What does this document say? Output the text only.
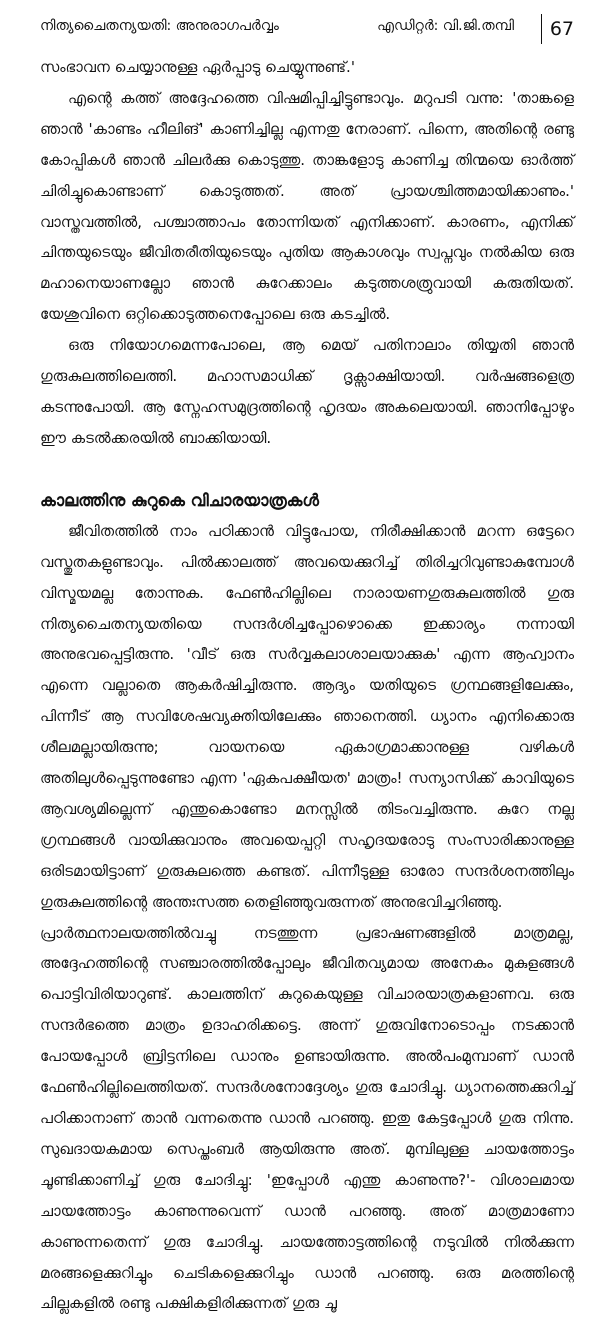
നിത്യചൈതന്യയതി: അനുരാഗപർവ്വം	എഡിറ്റർ: വി.ജി.തമ്പി	67

സംഭാവന ചെയ്യാനുള്ള ഏർപ്പാടു ചെയ്യുന്നുണ്ട്.'

എന്റെ കത്ത് അദ്ദേഹത്തെ വിഷമിപ്പിച്ചിട്ടുണ്ടാവും. മറുപടി വന്നു: 'താങ്കളെ ഞാൻ 'കാണ്ടം ഹീലിങ്' കാണിച്ചില്ല എന്നതു നേരാണ്. പിന്നെ, അതിന്റെ രണ്ടു കോപ്പികൾ ഞാൻ ചിലർക്കു കൊടുത്തു. താങ്കളോടു കാണിച്ച തിന്മയെ ഓർത്ത് ചിരിച്ചുകൊണ്ടാണ് കൊടുത്തത്. അത് പ്രായശ്ചിത്തമായിക്കാണും.' വാസ്തവത്തിൽ, പശ്ചാത്താപം തോന്നിയത് എനിക്കാണ്. കാരണം, എനിക്ക് ചിന്തയുടെയും ജീവിതരീതിയുടെയും പുതിയ ആകാശവും സ്വപ്നവും നൽകിയ ഒരു മഹാനെയാണല്ലോ ഞാൻ കുറേക്കാലം കടുത്തശത്രുവായി കരുതിയത്. യേശുവിനെ ഒറ്റിക്കൊടുത്തനെപ്പോലെ ഒരു കടച്ചിൽ.

ഒരു നിയോഗമെന്നപോലെ, ആ മെയ് പതിനാലാം തിയ്യതി ഞാൻ ഗുരുകുലത്തിലെത്തി. മഹാസമാധിക്ക് ദൃക്സാക്ഷിയായി. വർഷങ്ങളെത്ര കടന്നുപോയി. ആ സ്നേഹസമുദ്രത്തിന്റെ ഹൃദയം അകലെയായി. ഞാനിപ്പോഴും ഈ കടൽക്കരയിൽ ബാക്കിയായി.

കാലത്തിനു കുറുകെ വിചാരയാത്രകൾ

ജീവിതത്തിൽ നാം പഠിക്കാൻ വിട്ടുപോയ, നിരീക്ഷിക്കാൻ മറന്ന ഒട്ടേറെ വസ്തുതകളുണ്ടാവും. പിൽക്കാലത്ത് അവയെക്കുറിച്ച് തിരിച്ചറിവുണ്ടാകുമ്പോൾ വിസ്മയമല്ല തോന്നുക. ഫേൺഹില്ലിലെ നാരായണഗുരുകുലത്തിൽ ഗുരു നിത്യചൈതന്യയതിയെ സന്ദർശിച്ചപ്പോഴൊക്കെ ഇക്കാര്യം നന്നായി അനുഭവപ്പെട്ടിരുന്നു. 'വീട് ഒരു സർവ്വകലാശാലയാക്കുക' എന്ന ആഹ്വാനം എന്നെ വല്ലാതെ ആകർഷിച്ചിരുന്നു. ആദ്യം യതിയുടെ ഗ്രന്ഥങ്ങളിലേക്കും, പിന്നീട് ആ സവിശേഷവ്യക്തിയിലേക്കും ഞാനെത്തി. ധ്യാനം എനിക്കൊരു ശീലമല്ലായിരുന്നു; വായനയെ ഏകാഗ്രമാക്കാനുള്ള വഴികൾ അതിലുൾപ്പെടുന്നുണ്ടോ എന്ന 'ഏകപക്ഷീയത' മാത്രം! സന്യാസിക്ക് കാവിയുടെ ആവശ്യമില്ലെന്ന് എന്തുകൊണ്ടോ മനസ്സിൽ തിടംവച്ചിരുന്നു. കുറേ നല്ല ഗ്രന്ഥങ്ങൾ വായിക്കുവാനും അവയെപ്പറ്റി സഹൃദയരോടു സംസാരിക്കാനുള്ള ഒരിടമായിട്ടാണ് ഗുരുകുലത്തെ കണ്ടത്. പിന്നീടുള്ള ഓരോ സന്ദർശനത്തിലും ഗുരുകുലത്തിന്റെ അന്തഃസത്ത തെളിഞ്ഞുവരുന്നത് അനുഭവിച്ചറിഞ്ഞു.

പ്രാർത്ഥനാലയത്തിൽവച്ചു നടത്തുന്ന പ്രഭാഷണങ്ങളിൽ മാത്രമല്ല, അദ്ദേഹത്തിന്റെ സഞ്ചാരത്തിൽപ്പോലും ജീവിതവ്യമായ അനേകം മുകുളങ്ങൾ പൊട്ടിവിരിയാറുണ്ട്. കാലത്തിന് കുറുകെയുള്ള വിചാരയാത്രകളാണവ. ഒരു സന്ദർഭത്തെ മാത്രം ഉദാഹരിക്കട്ടെ. അന്ന് ഗുരുവിനോടൊപ്പം നടക്കാൻ പോയപ്പോൾ ബ്രിട്ടനിലെ ഡാനും ഉണ്ടായിരുന്നു. അൽപംമുമ്പാണ് ഡാൻ ഫേൺഹില്ലിലെത്തിയത്. സന്ദർശനോദ്ദേശ്യം ഗുരു ചോദിച്ചു. ധ്യാനത്തെക്കുറിച്ച് പഠിക്കാനാണ് താൻ വന്നതെന്നു ഡാൻ പറഞ്ഞു. ഇതു കേട്ടപ്പോൾ ഗുരു നിന്നു. സുഖദായകമായ സെപ്തംബർ ആയിരുന്നു അത്. മുമ്പിലുള്ള ചായത്തോട്ടം ചൂണ്ടിക്കാണിച്ച് ഗുരു ചോദിച്ചു: 'ഇപ്പോൾ എന്തു കാണുന്നു?'- വിശാലമായ ചായത്തോട്ടം കാണുന്നുവെന്ന് ഡാൻ പറഞ്ഞു. അത് മാത്രമാണോ കാണുന്നതെന്ന് ഗുരു ചോദിച്ചു. ചായത്തോട്ടത്തിന്റെ നടുവിൽ നിൽക്കുന്ന മരങ്ങളെക്കുറിച്ചും ചെടികളെക്കുറിച്ചും ഡാൻ പറഞ്ഞു. ഒരു മരത്തിന്റെ ചില്ലകളിൽ രണ്ടു പക്ഷികളിരിക്കുന്നത് ഗുരു ചൂ
